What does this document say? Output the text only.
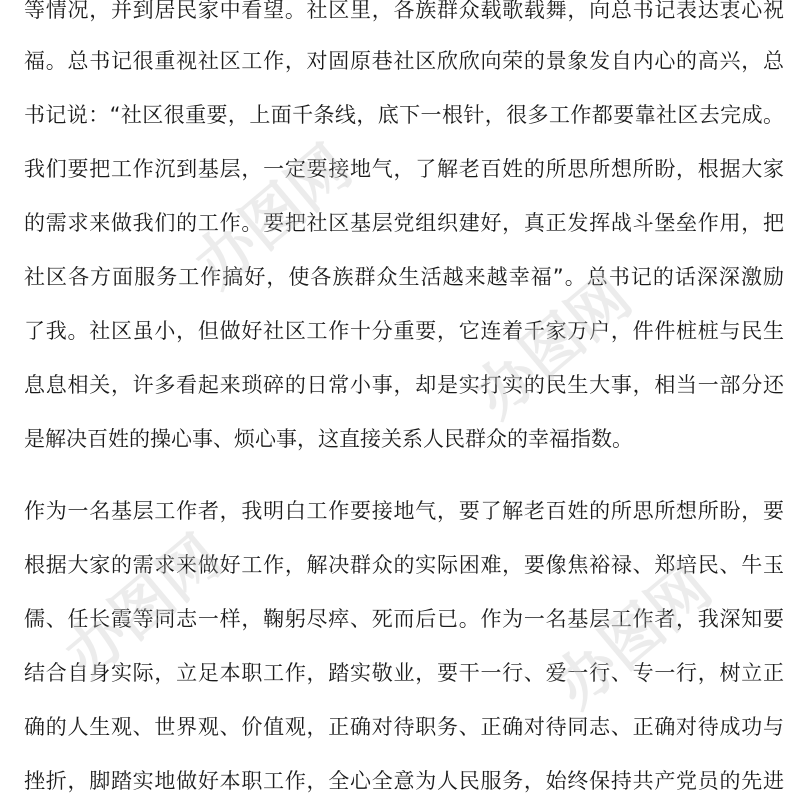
等情况，并到居民家中看望。社区里，各族群众载歌载舞，向总书记表达衷心祝
福。总书记很重视社区工作，对固原巷社区欣欣向荣的景象发自内心的高兴，总
书记说：“社区很重要，上面千条线，底下一根针，很多工作都要靠社区去完成。
我们要把工作沉到基层，一定要接地气，了解老百姓的所思所想所盼，根据大家
的需求来做我们的工作。要把社区基层党组织建好，真正发挥战斗堡垒作用，把
社区各方面服务工作搞好，使各族群众生活越来越幸福”。总书记的话深深激励
了我。社区虽小，但做好社区工作十分重要，它连着千家万户，件件桩桩与民生
息息相关，许多看起来琐碎的日常小事，却是实打实的民生大事，相当一部分还
是解决百姓的操心事、烦心事，这直接关系人民群众的幸福指数。
作为一名基层工作者，我明白工作要接地气，要了解老百姓的所思所想所盼，要
根据大家的需求来做好工作，解决群众的实际困难，要像焦裕禄、郑培民、牛玉
儒、任长霞等同志一样，鞠躬尽瘁、死而后已。作为一名基层工作者，我深知要
结合自身实际，立足本职工作，踏实敬业，要干一行、爱一行、专一行，树立正
确的人生观、世界观、价值观，正确对待职务、正确对待同志、正确对待成功与
挫折，脚踏实地做好本职工作，全心全意为人民服务，始终保持共产党员的先进
办图网
办图网
办图网	办图网
